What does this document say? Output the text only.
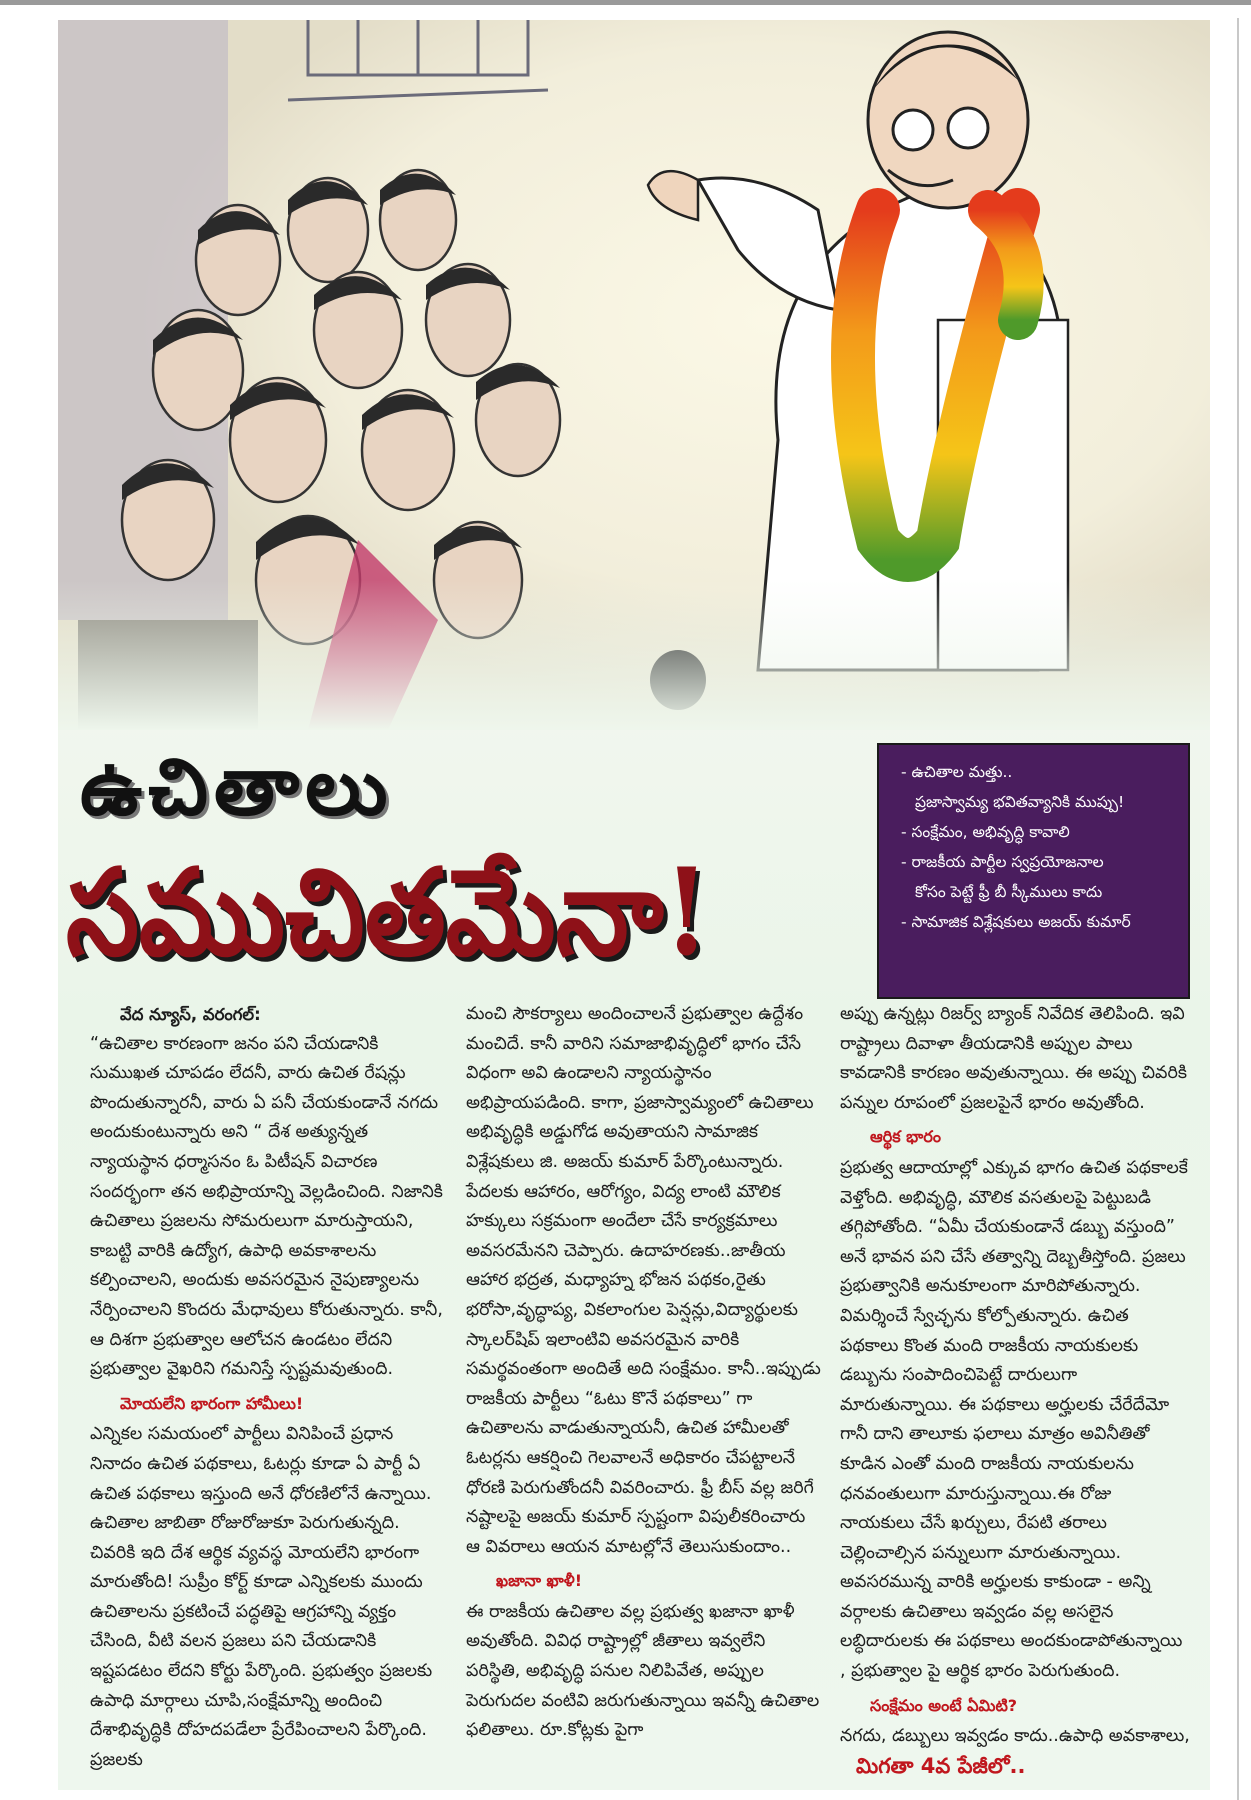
ఉచితాలు
సముచితమేనా!

- ఉచితాల మత్తు..

ప్రజాస్వామ్య భవితవ్యానికి ముప్పు!

- సంక్షేమం, అభివృద్ధి కావాలి

- రాజకీయ పార్టీల స్వప్రయోజనాల

కోసం పెట్టే ఫ్రీ బీ స్కీములు కాదు

- సామాజిక విశ్లేషకులు అజయ్ కుమార్

వేద న్యూస్, వరంగల్:

“ఉచితాల కారణంగా జనం పని చేయడానికి సుముఖత చూపడం లేదనీ, వారు ఉచిత రేషన్లు పొందుతున్నారనీ, వారు ఏ పనీ చేయకుండానే నగదు అందుకుంటున్నారు అని “ దేశ అత్యున్నత న్యాయస్థాన ధర్మాసనం ఓ పిటీషన్ విచారణ సందర్భంగా తన అభిప్రాయాన్ని వెల్లడించింది. నిజానికి ఉచితాలు ప్రజలను సోమరులుగా మారుస్తాయని, కాబట్టి వారికి ఉద్యోగ, ఉపాధి అవకాశాలను కల్పించాలని, అందుకు అవసరమైన నైపుణ్యాలను నేర్పించాలని కొందరు మేధావులు కోరుతున్నారు. కానీ, ఆ దిశగా ప్రభుత్వాల ఆలోచన ఉండటం లేదని ప్రభుత్వాల వైఖరిని గమనిస్తే స్పష్టమవుతుంది.

మోయలేని భారంగా హామీలు!

ఎన్నికల సమయంలో పార్టీలు వినిపించే ప్రధాన నినాదం ఉచిత పథకాలు, ఓటర్లు కూడా ఏ పార్టీ ఏ ఉచిత పథకాలు ఇస్తుంది అనే ధోరణిలోనే ఉన్నాయి. ఉచితాల జాబితా రోజురోజుకూ పెరుగుతున్నది. చివరికి ఇది దేశ ఆర్థిక వ్యవస్థ మోయలేని భారంగా మారుతోంది! సుప్రీం కోర్ట్ కూడా ఎన్నికలకు ముందు ఉచితాలను ప్రకటించే పద్ధతిపై ఆగ్రహాన్ని వ్యక్తం చేసింది, వీటి వలన ప్రజలు పని చేయడానికి ఇష్టపడటం లేదని కోర్టు పేర్కొంది. ప్రభుత్వం ప్రజలకు ఉపాధి మార్గాలు చూపి,సంక్షేమాన్ని అందించి దేశాభివృద్ధికి దోహదపడేలా ప్రేరేపించాలని పేర్కొంది. ప్రజలకు

మంచి సౌకర్యాలు అందించాలనే ప్రభుత్వాల ఉద్దేశం మంచిదే. కానీ వారిని సమాజాభివృద్ధిలో భాగం చేసే విధంగా అవి ఉండాలని న్యాయస్థానం అభిప్రాయపడింది. కాగా, ప్రజాస్వామ్యంలో ఉచితాలు అభివృద్ధికి అడ్డుగోడ అవుతాయని సామాజిక విశ్లేషకులు జి. అజయ్ కుమార్ పేర్కొంటున్నారు. పేదలకు ఆహారం, ఆరోగ్యం, విద్య లాంటి మౌలిక హక్కులు సక్రమంగా అందేలా చేసే కార్యక్రమాలు అవసరమేనని చెప్పారు. ఉదాహరణకు..జాతీయ ఆహార భద్రత, మధ్యాహ్న భోజన పథకం,రైతు భరోసా,వృద్ధాప్య, వికలాంగుల పెన్షన్లు,విద్యార్థులకు స్కాలర్‌షిప్ ఇలాంటివి అవసరమైన వారికి సమర్థవంతంగా అందితే అది సంక్షేమం. కానీ..ఇప్పుడు రాజకీయ పార్టీలు “ఓటు కొనే పథకాలు” గా ఉచితాలను వాడుతున్నాయనీ, ఉచిత హామీలతో ఓటర్లను ఆకర్షించి గెలవాలనే అధికారం చేపట్టాలనే ధోరణి పెరుగుతోందనీ వివరించారు. ఫ్రీ బీస్ వల్ల జరిగే నష్టాలపై అజయ్ కుమార్ స్పష్టంగా విపులీకరించారు ఆ వివరాలు ఆయన మాటల్లోనే తెలుసుకుందాం..

ఖజానా ఖాళీ!

ఈ రాజకీయ ఉచితాల వల్ల ప్రభుత్వ ఖజానా ఖాళీ అవుతోంది. వివిధ రాష్ట్రాల్లో జీతాలు ఇవ్వలేని పరిస్థితి, అభివృద్ధి పనుల నిలిపివేత, అప్పుల పెరుగుదల వంటివి జరుగుతున్నాయి ఇవన్నీ ఉచితాల ఫలితాలు. రూ.కోట్లకు పైగా

అప్పు ఉన్నట్లు రిజర్వ్ బ్యాంక్ నివేదిక తెలిపింది. ఇవి రాష్ట్రాలు దివాళా తీయడానికి అప్పుల పాలు కావడానికి కారణం అవుతున్నాయి. ఈ అప్పు చివరికి పన్నుల రూపంలో ప్రజలపైనే భారం అవుతోంది.

ఆర్థిక భారం

ప్రభుత్వ ఆదాయాల్లో ఎక్కువ భాగం ఉచిత పథకాలకే వెళ్తోంది. అభివృద్ధి, మౌలిక వసతులపై పెట్టుబడి తగ్గిపోతోంది. “ఏమీ చేయకుండానే డబ్బు వస్తుంది” అనే భావన పని చేసే తత్వాన్ని దెబ్బతీస్తోంది. ప్రజలు ప్రభుత్వానికి అనుకూలంగా మారిపోతున్నారు. విమర్శించే స్వేచ్ఛను కోల్పోతున్నారు. ఉచిత పథకాలు కొంత మంది రాజకీయ నాయకులకు డబ్బును సంపాదించిపెట్టే దారులుగా మారుతున్నాయి. ఈ పథకాలు అర్హులకు చేరేదేమో గానీ దాని తాలూకు ఫలాలు మాత్రం అవినీతితో కూడిన ఎంతో మంది రాజకీయ నాయకులను ధనవంతులుగా మారుస్తున్నాయి.ఈ రోజు నాయకులు చేసే ఖర్చులు, రేపటి తరాలు చెల్లించాల్సిన పన్నులుగా మారుతున్నాయి. అవసరమున్న వారికి అర్హులకు కాకుండా - అన్ని వర్గాలకు ఉచితాలు ఇవ్వడం వల్ల అసలైన లబ్ధిదారులకు ఈ పథకాలు అందకుండాపోతున్నాయి , ప్రభుత్వాల పై ఆర్థిక భారం పెరుగుతుంది.

సంక్షేమం అంటే ఏమిటి?

నగదు, డబ్బులు ఇవ్వడం కాదు..ఉపాధి అవకాశాలు, మిగతా 4వ పేజీలో..
